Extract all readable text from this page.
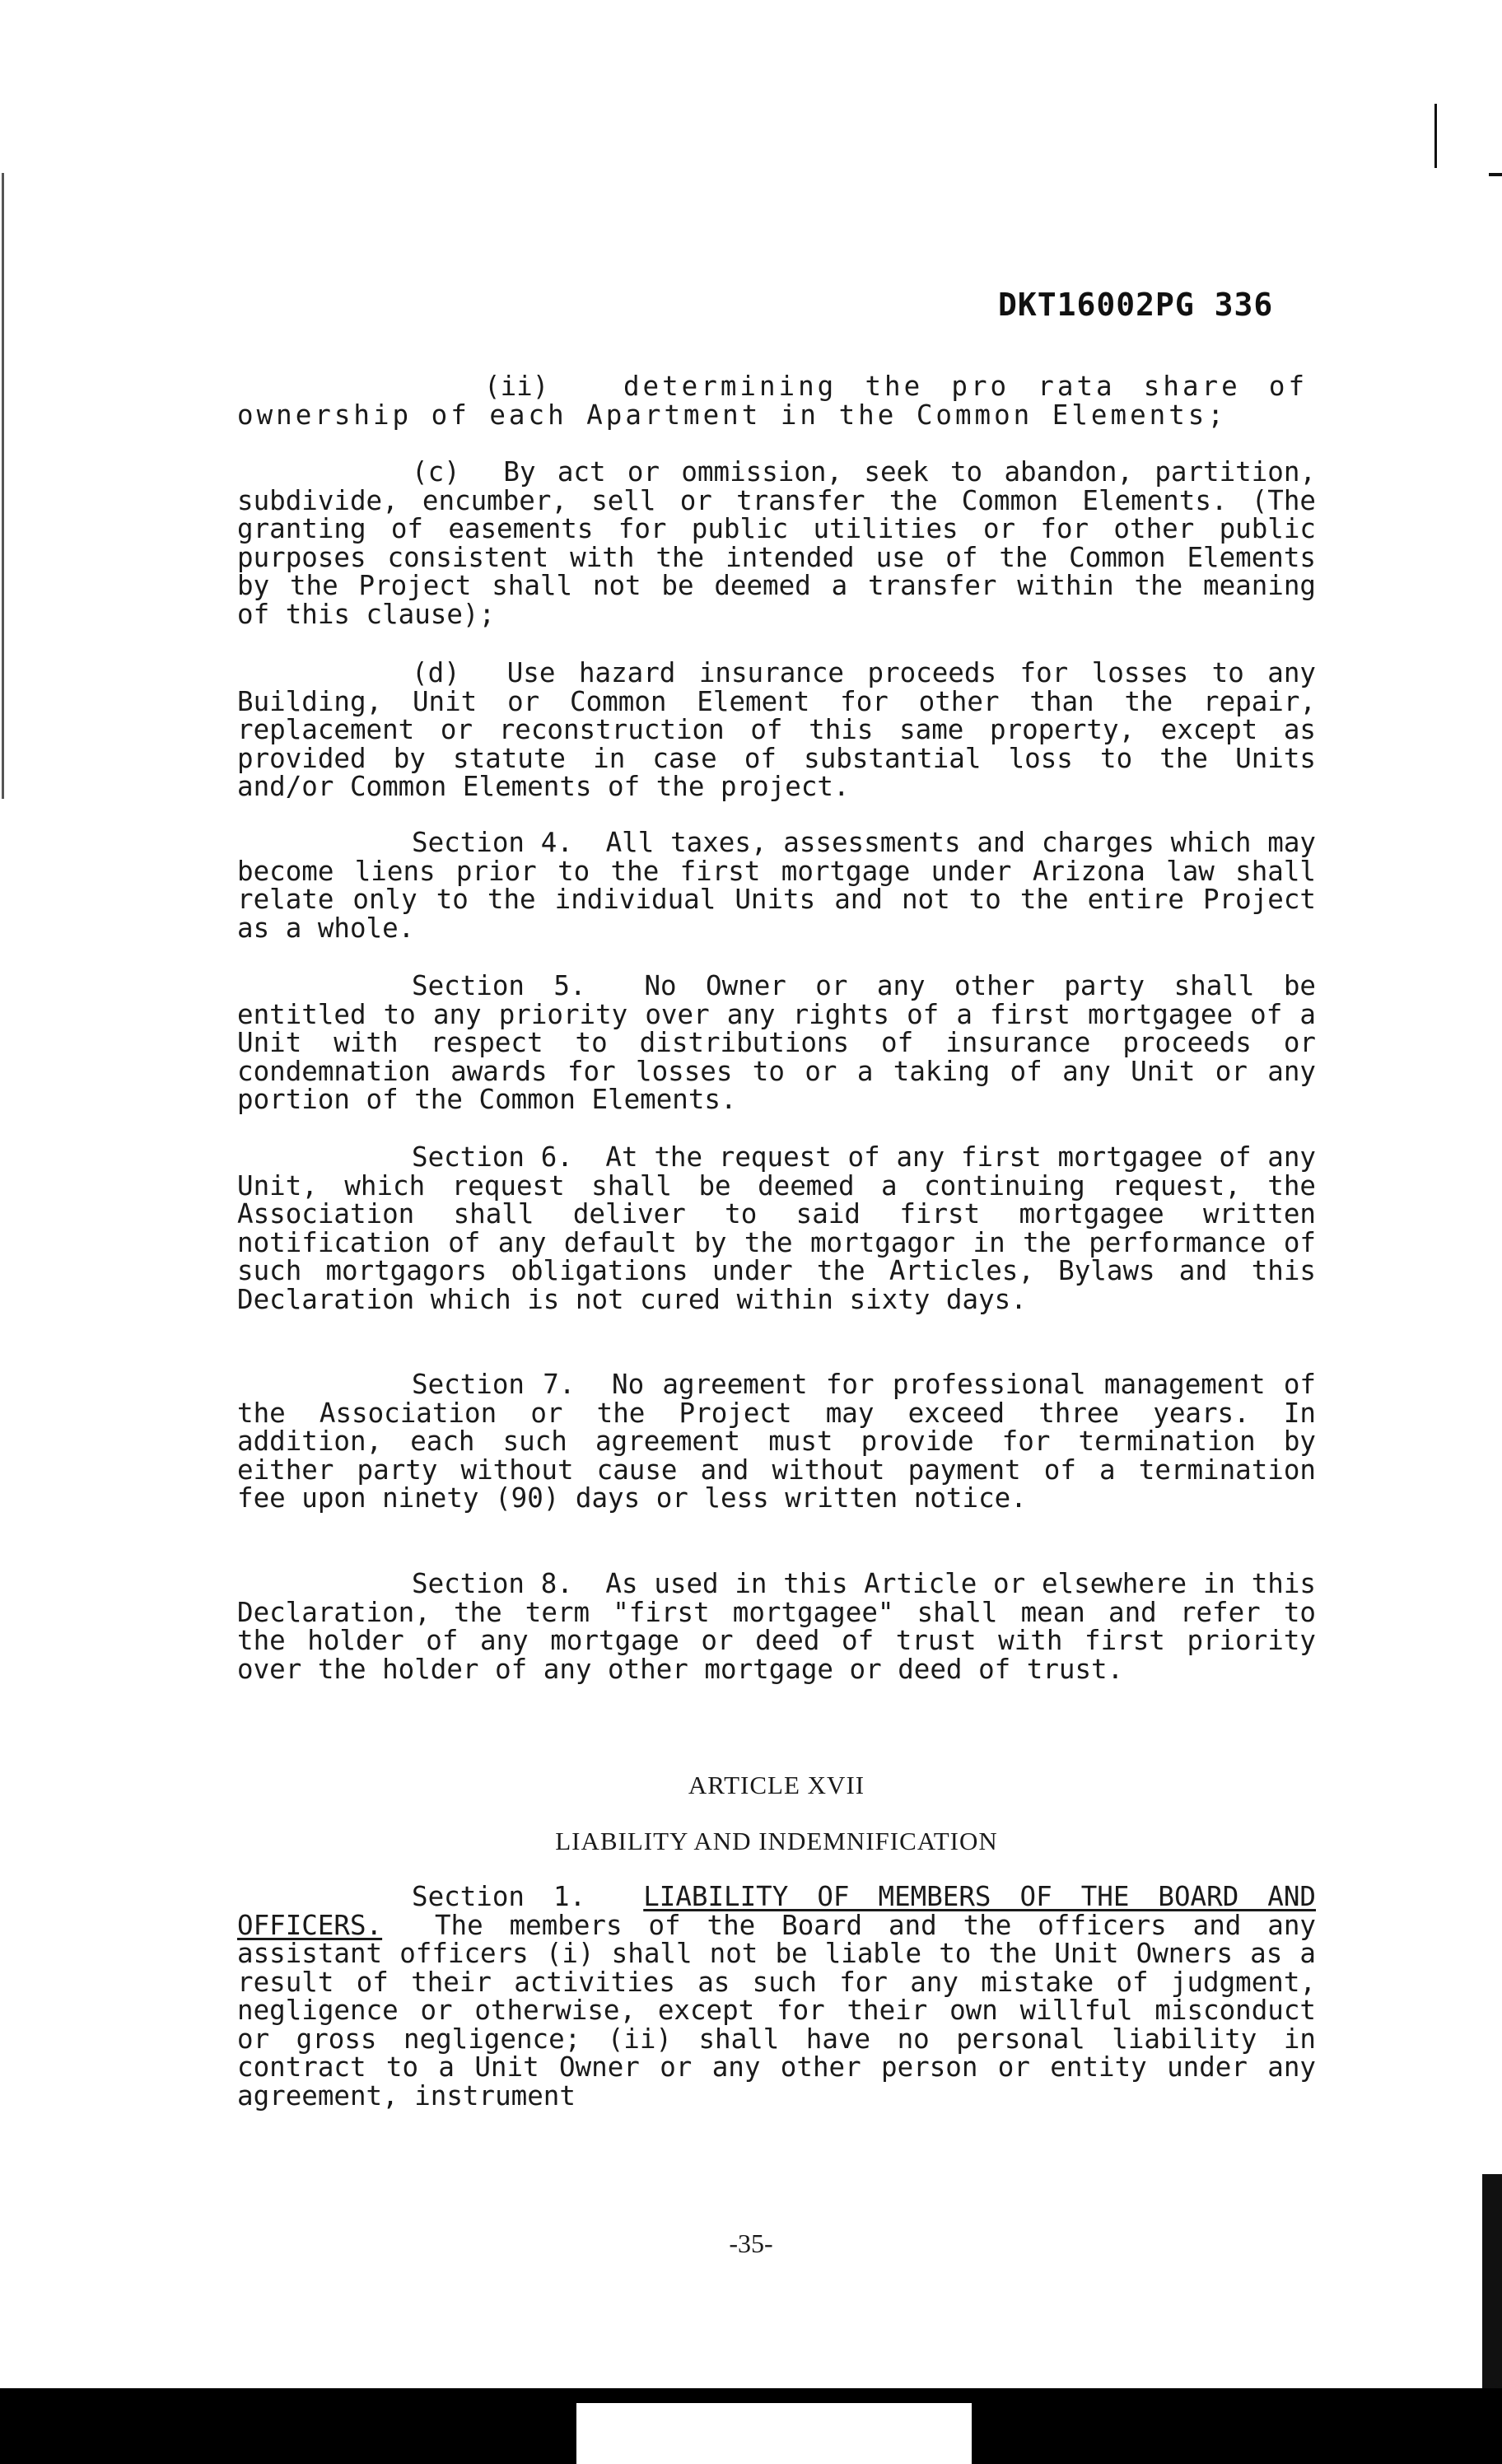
DKT16002PG 336
(ii)	determining the pro rata share of ownership of each Apartment in the Common Elements;
(c) By act or ommission, seek to abandon, partition, subdivide, encumber, sell or transfer the Common Elements. (The granting of easements for public utilities or for other public purposes consistent with the intended use of the Common Elements by the Project shall not be deemed a transfer within the meaning of this clause);
(d) Use hazard insurance proceeds for losses to any Building, Unit or Common Element for other than the repair, replacement or reconstruction of this same property, except as provided by statute in case of substantial loss to the Units and/or Common Elements of the project.
Section 4. All taxes, assessments and charges which may become liens prior to the first mortgage under Arizona law shall relate only to the individual Units and not to the entire Project as a whole.
Section 5. No Owner or any other party shall be entitled to any priority over any rights of a first mortgagee of a Unit with respect to distributions of insurance proceeds or condemnation awards for losses to or a taking of any Unit or any portion of the Common Elements.
Section 6. At the request of any first mortgagee of any Unit, which request shall be deemed a continuing request, the Association shall deliver to said first mortgagee written notification of any default by the mortgagor in the performance of such mortgagors obligations under the Articles, Bylaws and this Declaration which is not cured within sixty days.
Section 7. No agreement for professional management of the Association or the Project may exceed three years. In addition, each such agreement must provide for termination by either party without cause and without payment of a termination fee upon ninety (90) days or less written notice.
Section 8. As used in this Article or elsewhere in this Declaration, the term "first mortgagee" shall mean and refer to the holder of any mortgage or deed of trust with first priority over the holder of any other mortgage or deed of trust.
ARTICLE XVII
LIABILITY AND INDEMNIFICATION
Section 1. LIABILITY OF MEMBERS OF THE BOARD AND OFFICERS. The members of the Board and the officers and any assistant officers (i) shall not be liable to the Unit Owners as a result of their activities as such for any mistake of judgment, negligence or otherwise, except for their own willful misconduct or gross negligence; (ii) shall have no personal liability in contract to a Unit Owner or any other person or entity under any agreement, instrument
-35-
